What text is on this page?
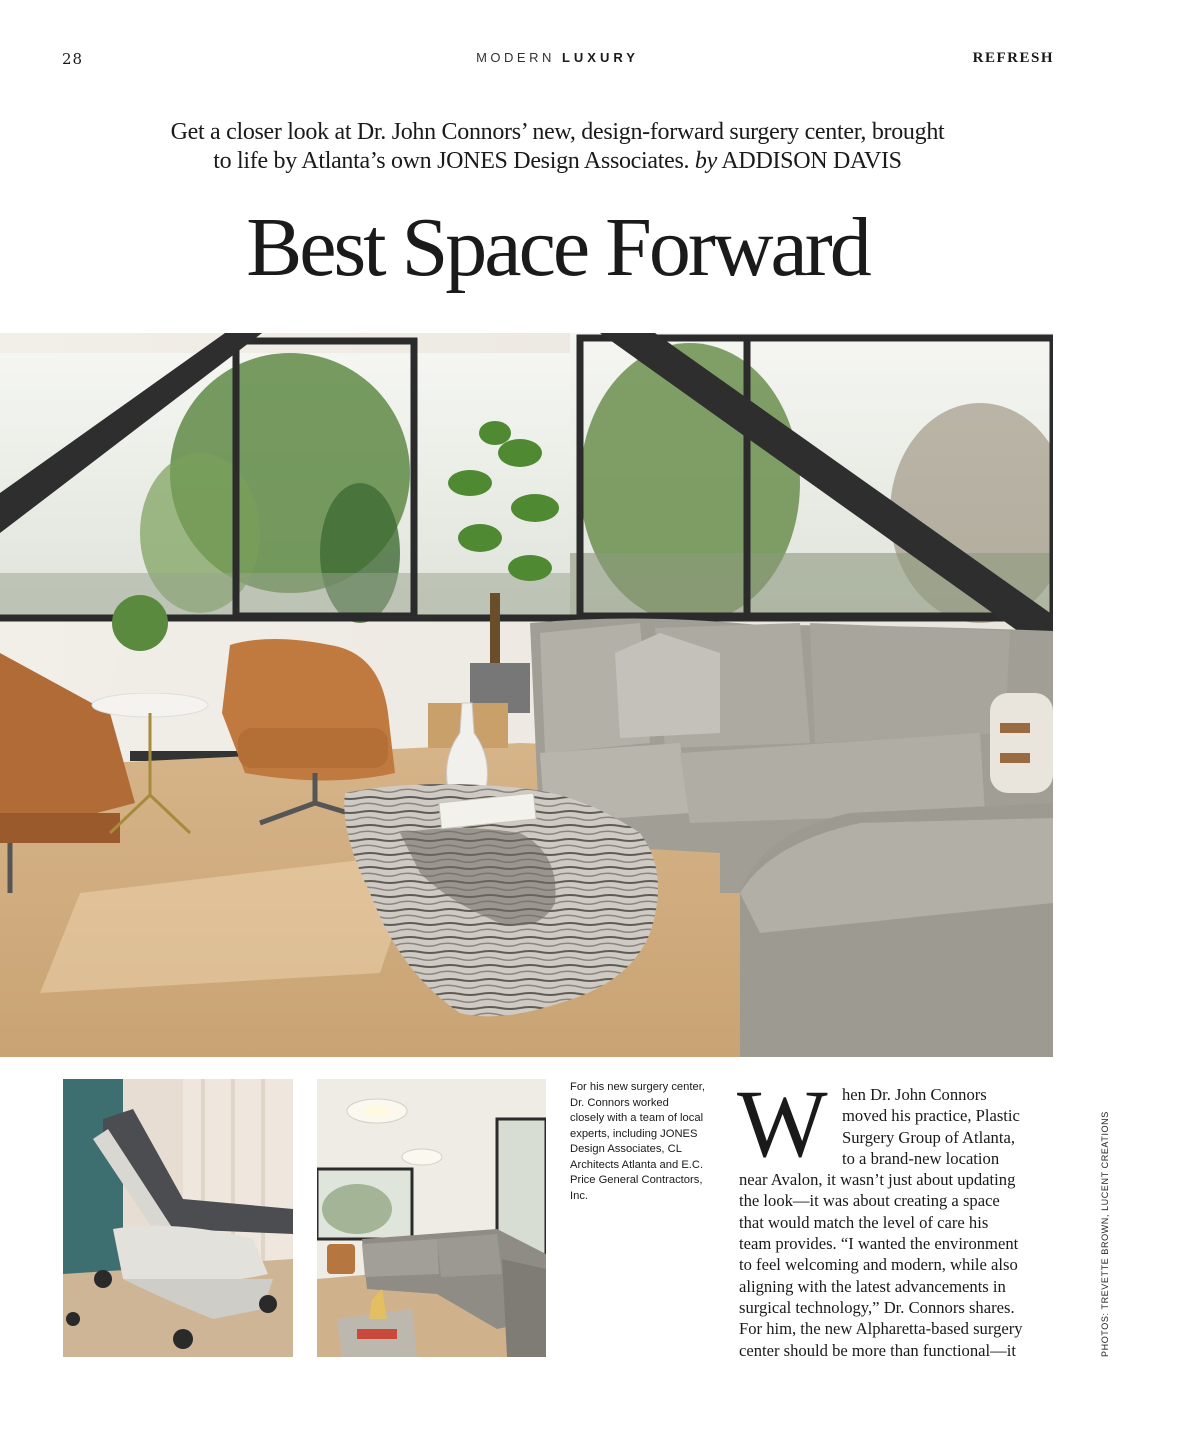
28	MODERN LUXURY	REFRESH
Get a closer look at Dr. John Connors’ new, design-forward surgery center, brought
to life by Atlanta’s own JONES Design Associates. by ADDISON DAVIS
Best Space Forward
For his new surgery center, Dr. Connors worked closely with a team of local experts, including JONES Design Associates, CL Architects Atlanta and E.C. Price General Contractors, Inc.
W hen Dr. John Connors
moved his practice, Plastic
Surgery Group of Atlanta,
to a brand-new location
near Avalon, it wasn’t just about updating
the look—it was about creating a space
that would match the level of care his
team provides. “I wanted the environment
to feel welcoming and modern, while also
aligning with the latest advancements in
surgical technology,” Dr. Connors shares.
For him, the new Alpharetta-based surgery
center should be more than functional—it	PHOTOS: TREVETTE BROWN, LUCENT CREATIONS
